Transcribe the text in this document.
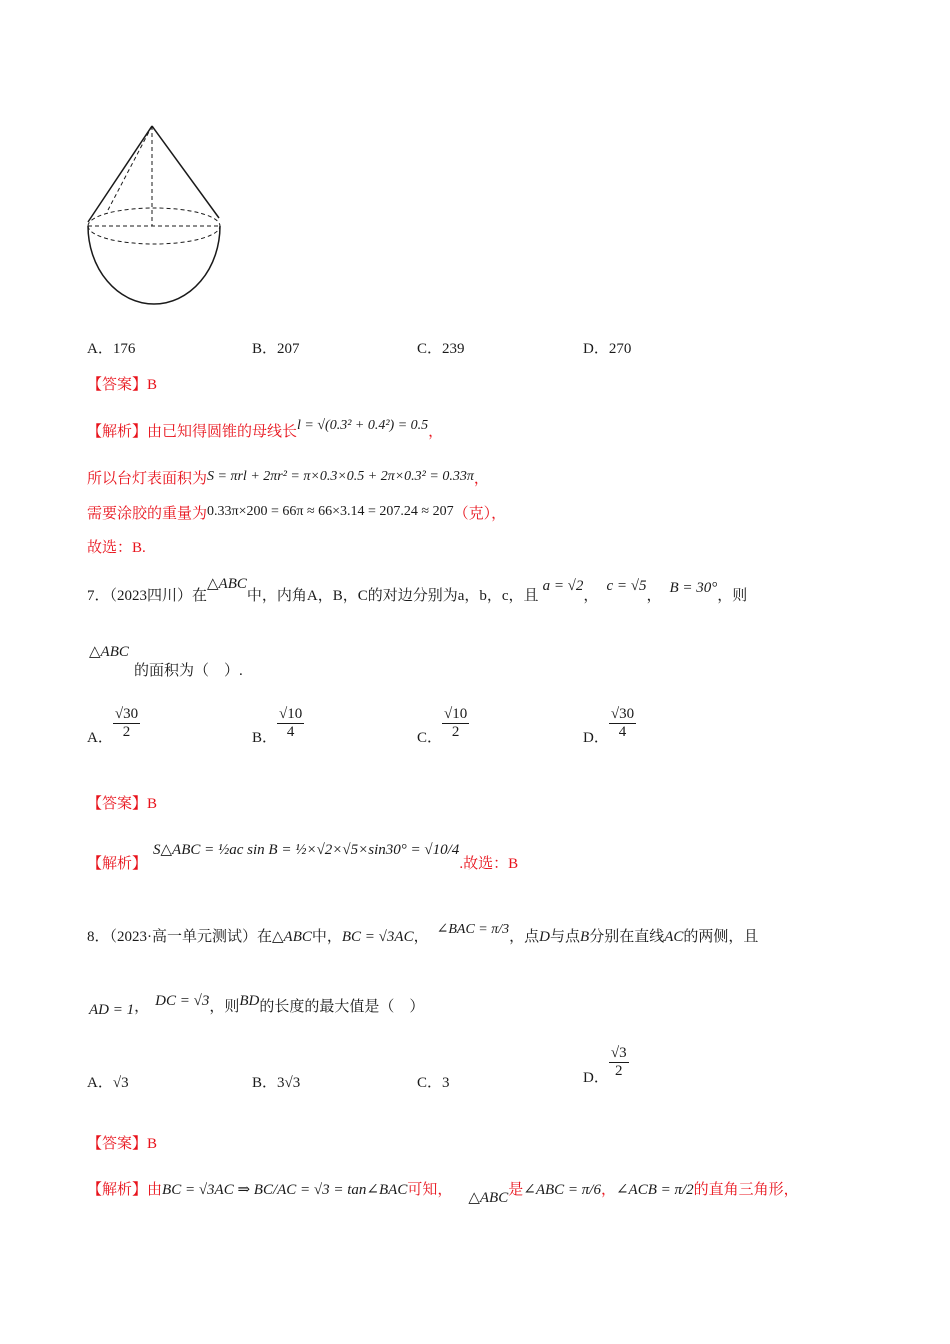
A．176	B．207	C．239	D．270
【答案】B
【解析】由已知得圆锥的母线长l = √(0.3² + 0.4²) = 0.5，
所以台灯表面积为S = πrl + 2πr² = π×0.3×0.5 + 2π×0.3² = 0.33π，
需要涂胶的重量为0.33π×200 = 66π ≈ 66×3.14 = 207.24 ≈ 207（克），
故选：B.
7．（2023四川）在△ABC中，内角A，B，C的对边分别为a，b，c，且a = √2，c = √5， B = 30°，则
△ABC
的面积为（　）.
A． $\frac{√30}{2}$	B． $\frac{√10}{4}$	C． $\frac{√10}{2}$	D． $\frac{√30}{4}$
【答案】B
【解析】S△ABC = ½ac sin B = ½×√2×√5×sin30° = √10/4.故选：B
8．（2023·高一单元测试）在△ABC中，BC = √3AC， ∠BAC = π/3，点D与点B分别在直线AC的两侧，且
AD = 1， DC = √3，则BD的长度的最大值是（　）
A．√3	B．3√3	C．3	D． $\frac{√3}{2}$
【答案】B
【解析】由BC = √3AC ⇒ BC/AC = √3 = tan∠BAC可知， △ABC是∠ABC = π/6，∠ACB = π/2的直角三角形，
